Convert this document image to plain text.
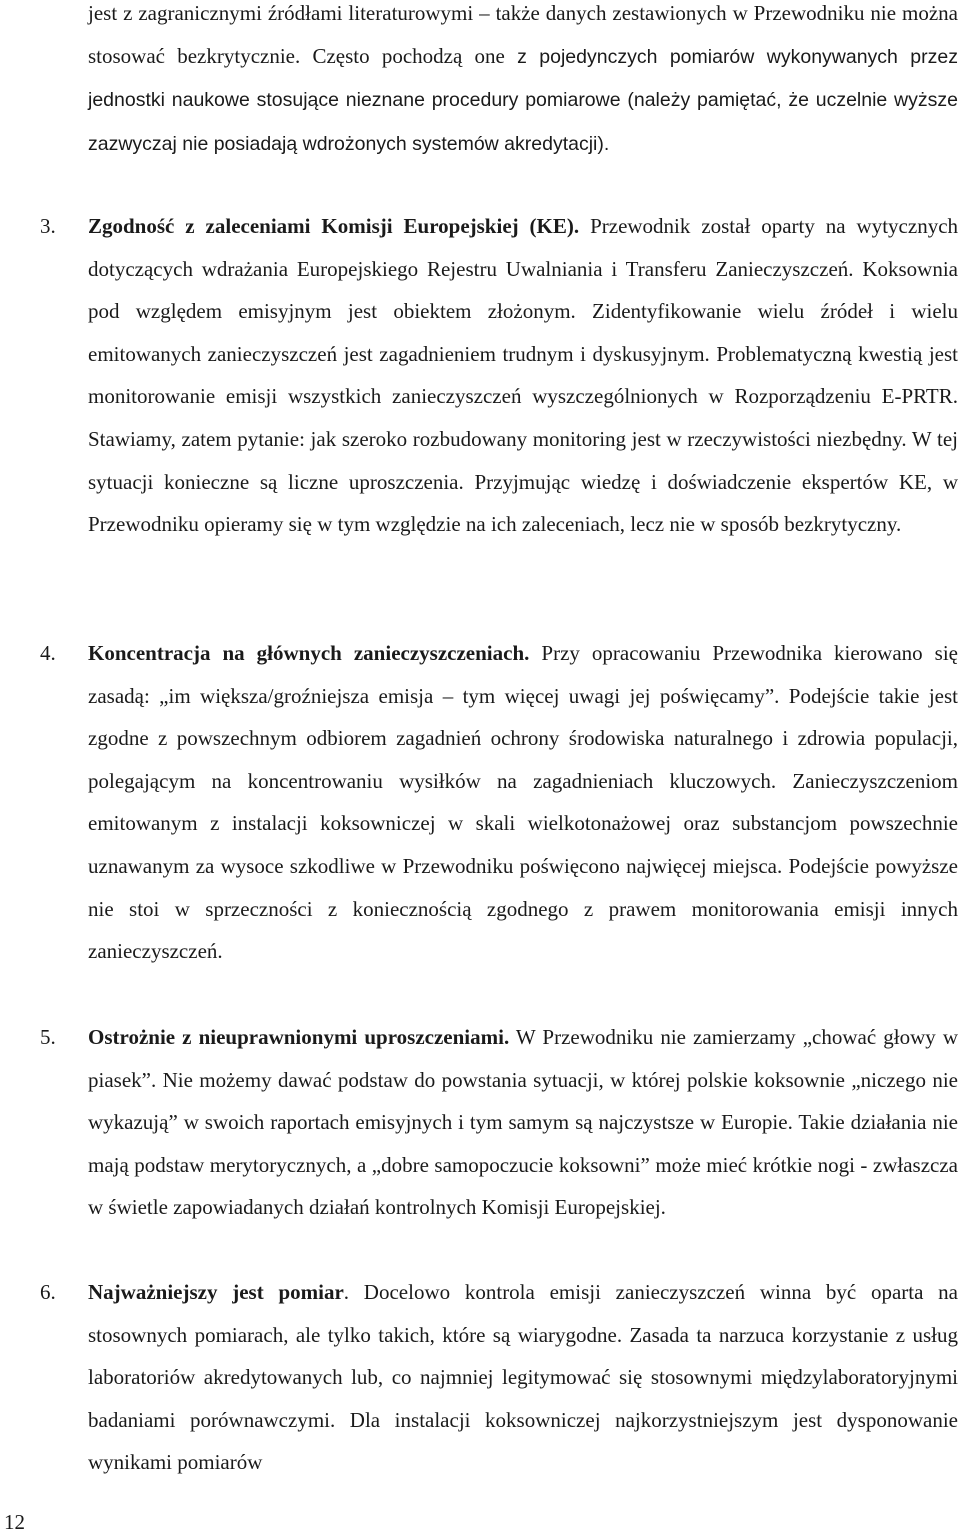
jest z zagranicznymi źródłami literaturowymi – także danych zestawionych w Przewodniku nie można stosować bezkrytycznie. Często pochodzą one z pojedynczych pomiarów wykonywanych przez jednostki naukowe stosujące nieznane procedury pomiarowe (należy pamiętać, że uczelnie wyższe zazwyczaj nie posiadają wdrożonych systemów akredytacji).

3. Zgodność z zaleceniami Komisji Europejskiej (KE). Przewodnik został oparty na wytycznych dotyczących wdrażania Europejskiego Rejestru Uwalniania i Transferu Zanieczyszczeń. Koksownia pod względem emisyjnym jest obiektem złożonym. Zidentyfikowanie wielu źródeł i wielu emitowanych zanieczyszczeń jest zagadnieniem trudnym i dyskusyjnym. Problematyczną kwestią jest monitorowanie emisji wszystkich zanieczyszczeń wyszczególnionych w Rozporządzeniu E-PRTR. Stawiamy, zatem pytanie: jak szeroko rozbudowany monitoring jest w rzeczywistości niezbędny. W tej sytuacji konieczne są liczne uproszczenia. Przyjmując wiedzę i doświadczenie ekspertów KE, w Przewodniku opieramy się w tym względzie na ich zaleceniach, lecz nie w sposób bezkrytyczny.

4. Koncentracja na głównych zanieczyszczeniach. Przy opracowaniu Przewodnika kierowano się zasadą: „im większa/groźniejsza emisja – tym więcej uwagi jej poświęcamy”. Podejście takie jest zgodne z powszechnym odbiorem zagadnień ochrony środowiska naturalnego i zdrowia populacji, polegającym na koncentrowaniu wysiłków na zagadnieniach kluczowych. Zanieczyszczeniom emitowanym z instalacji koksowniczej w skali wielkotonażowej oraz substancjom powszechnie uznawanym za wysoce szkodliwe w Przewodniku poświęcono najwięcej miejsca. Podejście powyższe nie stoi w sprzeczności z koniecznością zgodnego z prawem monitorowania emisji innych zanieczyszczeń.

5. Ostrożnie z nieuprawnionymi uproszczeniami. W Przewodniku nie zamierzamy „chować głowy w piasek”. Nie możemy dawać podstaw do powstania sytuacji, w której polskie koksownie „niczego nie wykazują” w swoich raportach emisyjnych i tym samym są najczystsze w Europie. Takie działania nie mają podstaw merytorycznych, a „dobre samopoczucie koksowni” może mieć krótkie nogi - zwłaszcza w świetle zapowiadanych działań kontrolnych Komisji Europejskiej.

6. Najważniejszy jest pomiar. Docelowo kontrola emisji zanieczyszczeń winna być oparta na stosownych pomiarach, ale tylko takich, które są wiarygodne. Zasada ta narzuca korzystanie z usług laboratoriów akredytowanych lub, co najmniej legitymować się stosownymi międzylaboratoryjnymi badaniami porównawczymi. Dla instalacji koksowniczej najkorzystniejszym jest dysponowanie wynikami pomiarów

12
